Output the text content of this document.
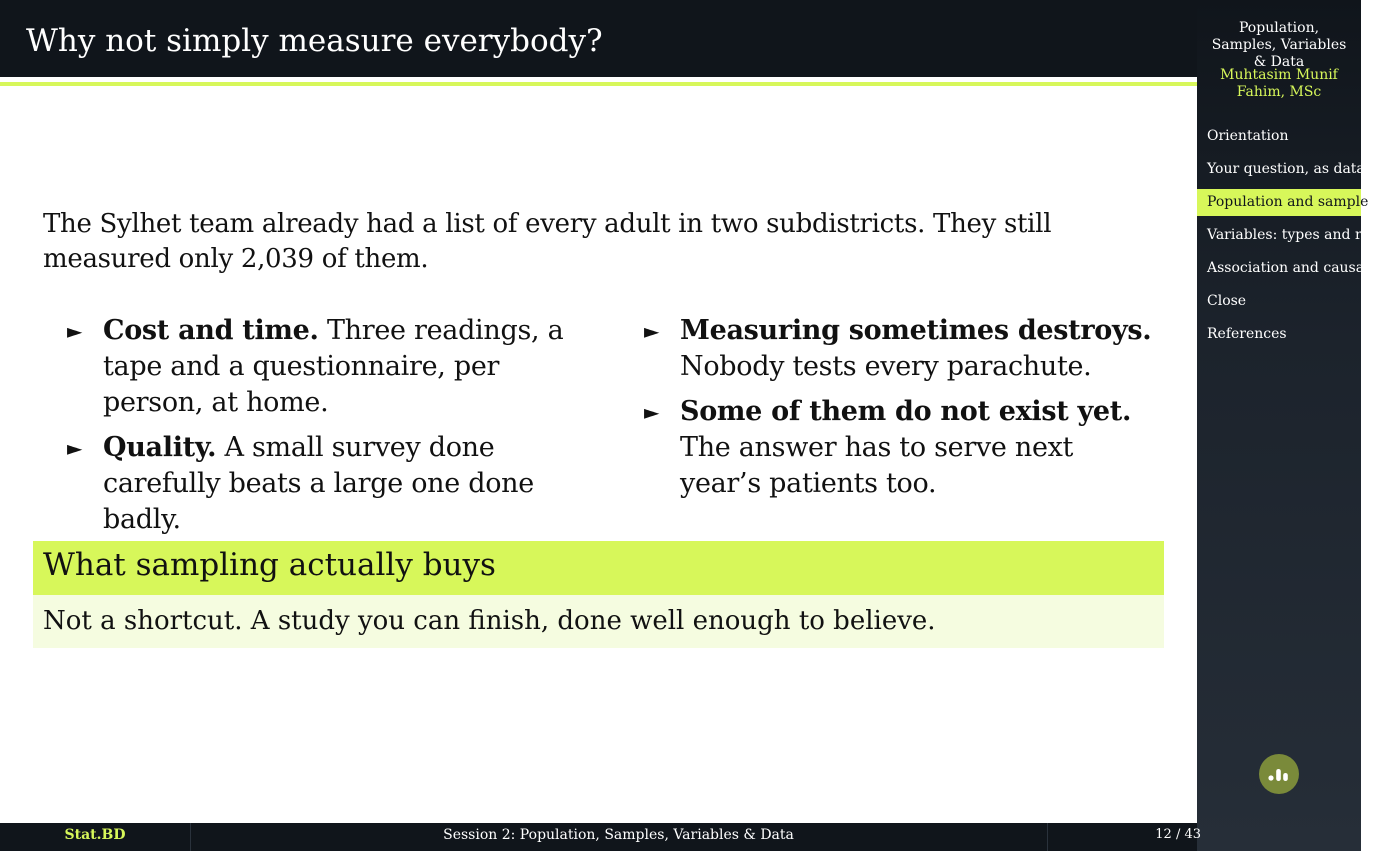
Why not simply measure everybody?
The Sylhet team already had a list of every adult in two subdistricts. They still measured only 2,039 of them.
► Cost and time. Three readings, a tape and a questionnaire, per person, at home.
► Quality. A small survey done carefully beats a large one done badly.
► Measuring sometimes destroys. Nobody tests every parachute.
► Some of them do not exist yet. The answer has to serve next year’s patients too.
What sampling actually buys
Not a shortcut. A study you can finish, done well enough to believe.
Population, Samples, Variables & Data
Muhtasim Munif Fahim, MSc
Orientation
Your question, as data
Population and sample
Variables: types and roles
Association and causation
Close
References
Stat.BD	Session 2: Population, Samples, Variables & Data	12 / 43
